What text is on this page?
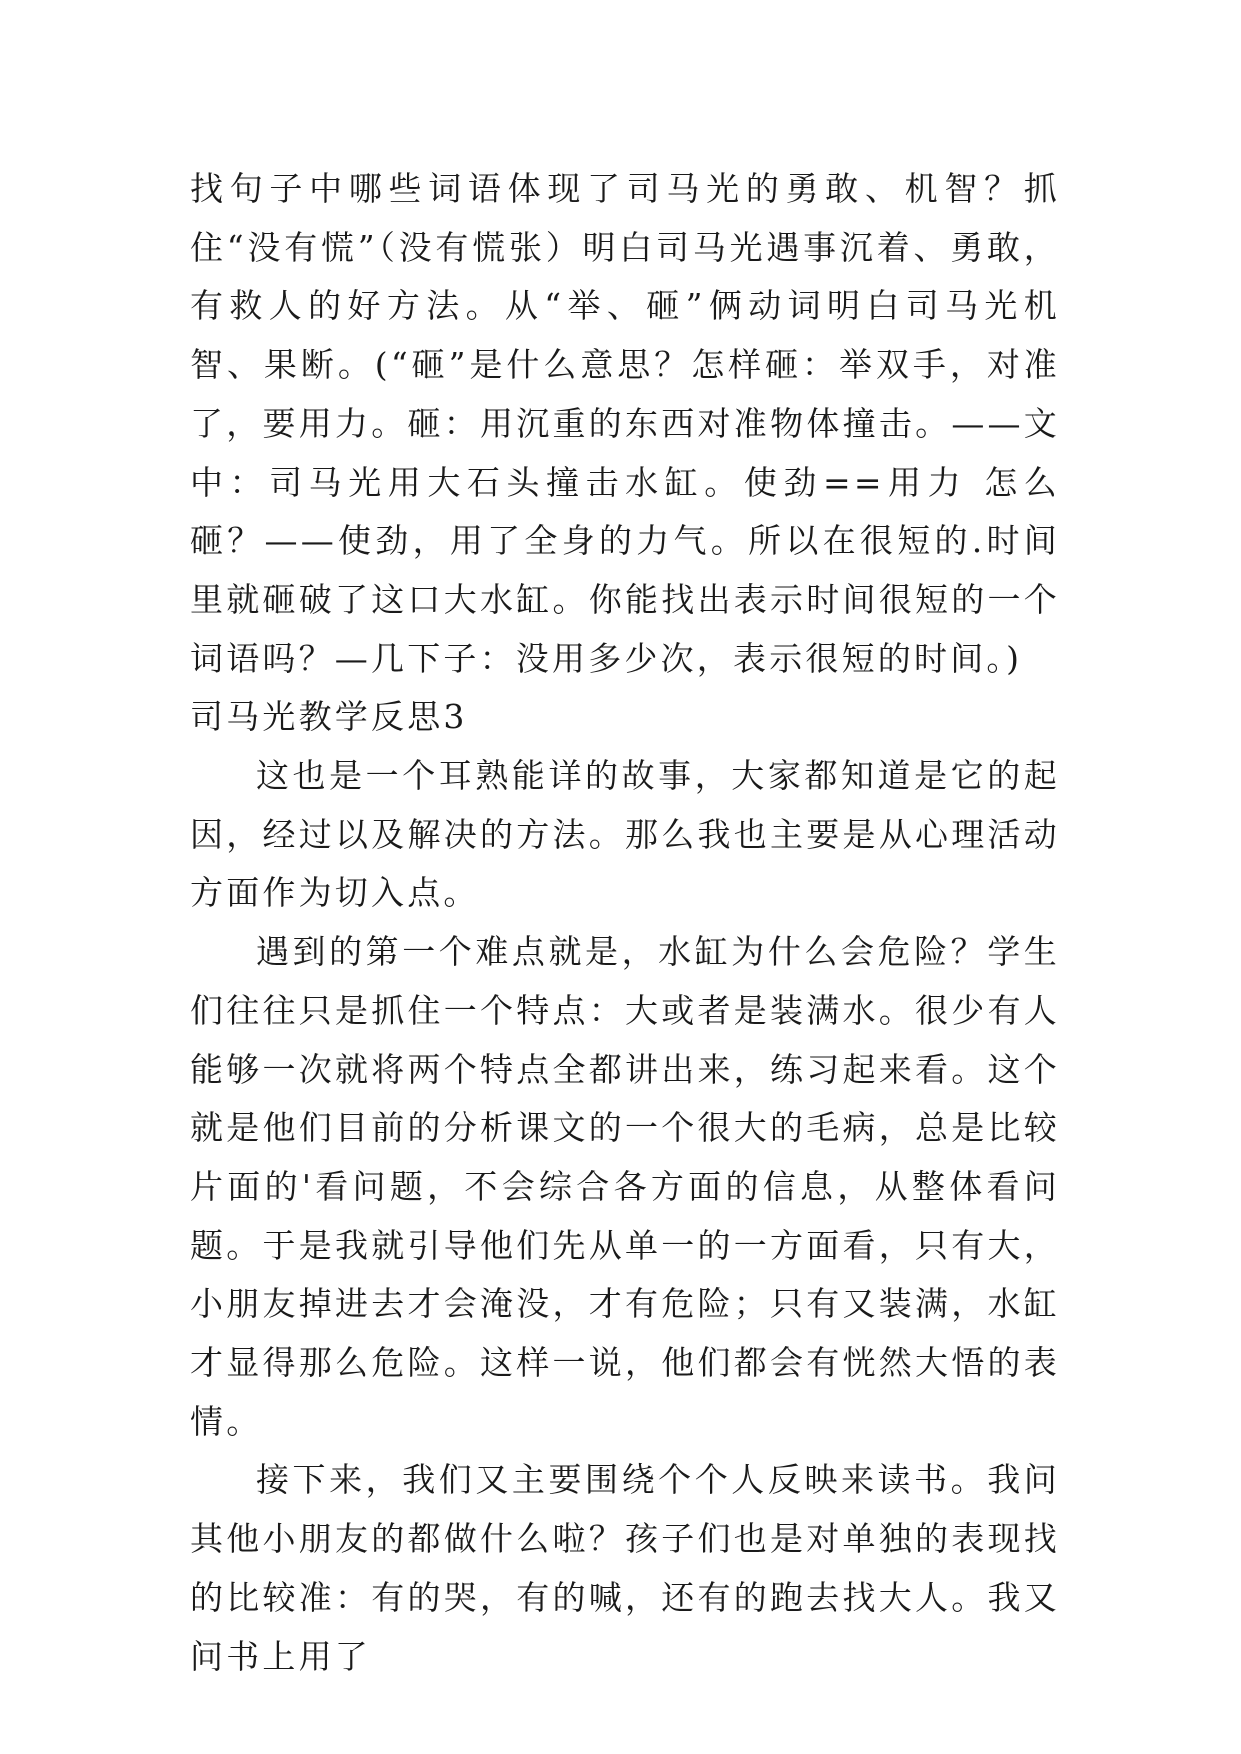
找句子中哪些词语体现了司马光的勇敢、机智？抓住“没有慌”（没有慌张）明白司马光遇事沉着、勇敢，有救人的好方法。从“举、砸”俩动词明白司马光机智、果断。(“砸”是什么意思？怎样砸：举双手，对准了，要用力。砸：用沉重的东西对准物体撞击。——文中：司马光用大石头撞击水缸。使劲==用力 怎么砸？——使劲，用了全身的力气。所以在很短的.时间里就砸破了这口大水缸。你能找出表示时间很短的一个词语吗？—几下子：没用多少次，表示很短的时间。)

司马光教学反思3

这也是一个耳熟能详的故事，大家都知道是它的起因，经过以及解决的方法。那么我也主要是从心理活动方面作为切入点。

遇到的第一个难点就是，水缸为什么会危险？学生们往往只是抓住一个特点：大或者是装满水。很少有人能够一次就将两个特点全都讲出来，练习起来看。这个就是他们目前的分析课文的一个很大的毛病，总是比较片面的'看问题，不会综合各方面的信息，从整体看问题。于是我就引导他们先从单一的一方面看，只有大，小朋友掉进去才会淹没，才有危险；只有又装满，水缸才显得那么危险。这样一说，他们都会有恍然大悟的表情。

接下来，我们又主要围绕个个人反映来读书。我问其他小朋友的都做什么啦？孩子们也是对单独的表现找的比较准：有的哭，有的喊，还有的跑去找大人。我又问书上用了
